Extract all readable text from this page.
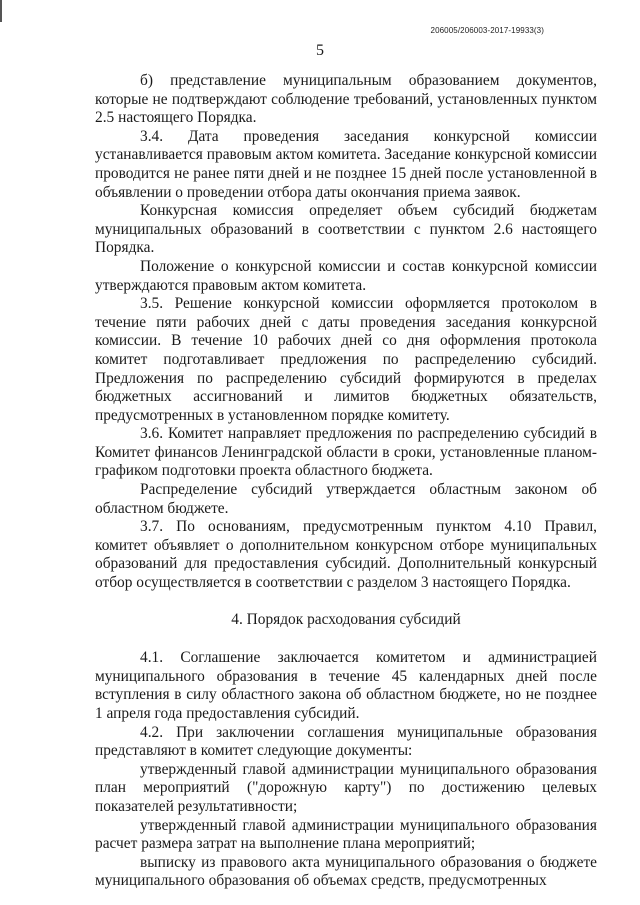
206005/206003-2017-19933(3)
5

б) представление муниципальным образованием документов, которые не подтверждают соблюдение требований, установленных пунктом 2.5 настоящего Порядка.

3.4. Дата проведения заседания конкурсной комиссии устанавливается правовым актом комитета. Заседание конкурсной комиссии проводится не ранее пяти дней и не позднее 15 дней после установленной в объявлении о проведении отбора даты окончания приема заявок.

Конкурсная комиссия определяет объем субсидий бюджетам муниципальных образований в соответствии с пунктом 2.6 настоящего Порядка.

Положение о конкурсной комиссии и состав конкурсной комиссии утверждаются правовым актом комитета.

3.5. Решение конкурсной комиссии оформляется протоколом в течение пяти рабочих дней с даты проведения заседания конкурсной комиссии. В течение 10 рабочих дней со дня оформления протокола комитет подготавливает предложения по распределению субсидий. Предложения по распределению субсидий формируются в пределах бюджетных ассигнований и лимитов бюджетных обязательств, предусмотренных в установленном порядке комитету.

3.6. Комитет направляет предложения по распределению субсидий в Комитет финансов Ленинградской области в сроки, установленные планом-графиком подготовки проекта областного бюджета.

Распределение субсидий утверждается областным законом об областном бюджете.

3.7. По основаниям, предусмотренным пунктом 4.10 Правил, комитет объявляет о дополнительном конкурсном отборе муниципальных образований для предоставления субсидий. Дополнительный конкурсный отбор осуществляется в соответствии с разделом 3 настоящего Порядка.

4. Порядок расходования субсидий

4.1. Соглашение заключается комитетом и администрацией муниципального образования в течение 45 календарных дней после вступления в силу областного закона об областном бюджете, но не позднее 1 апреля года предоставления субсидий.

4.2. При заключении соглашения муниципальные образования представляют в комитет следующие документы:

утвержденный главой администрации муниципального образования план мероприятий ("дорожную карту") по достижению целевых показателей результативности;

утвержденный главой администрации муниципального образования расчет размера затрат на выполнение плана мероприятий;

выписку из правового акта муниципального образования о бюджете муниципального образования об объемах средств, предусмотренных
